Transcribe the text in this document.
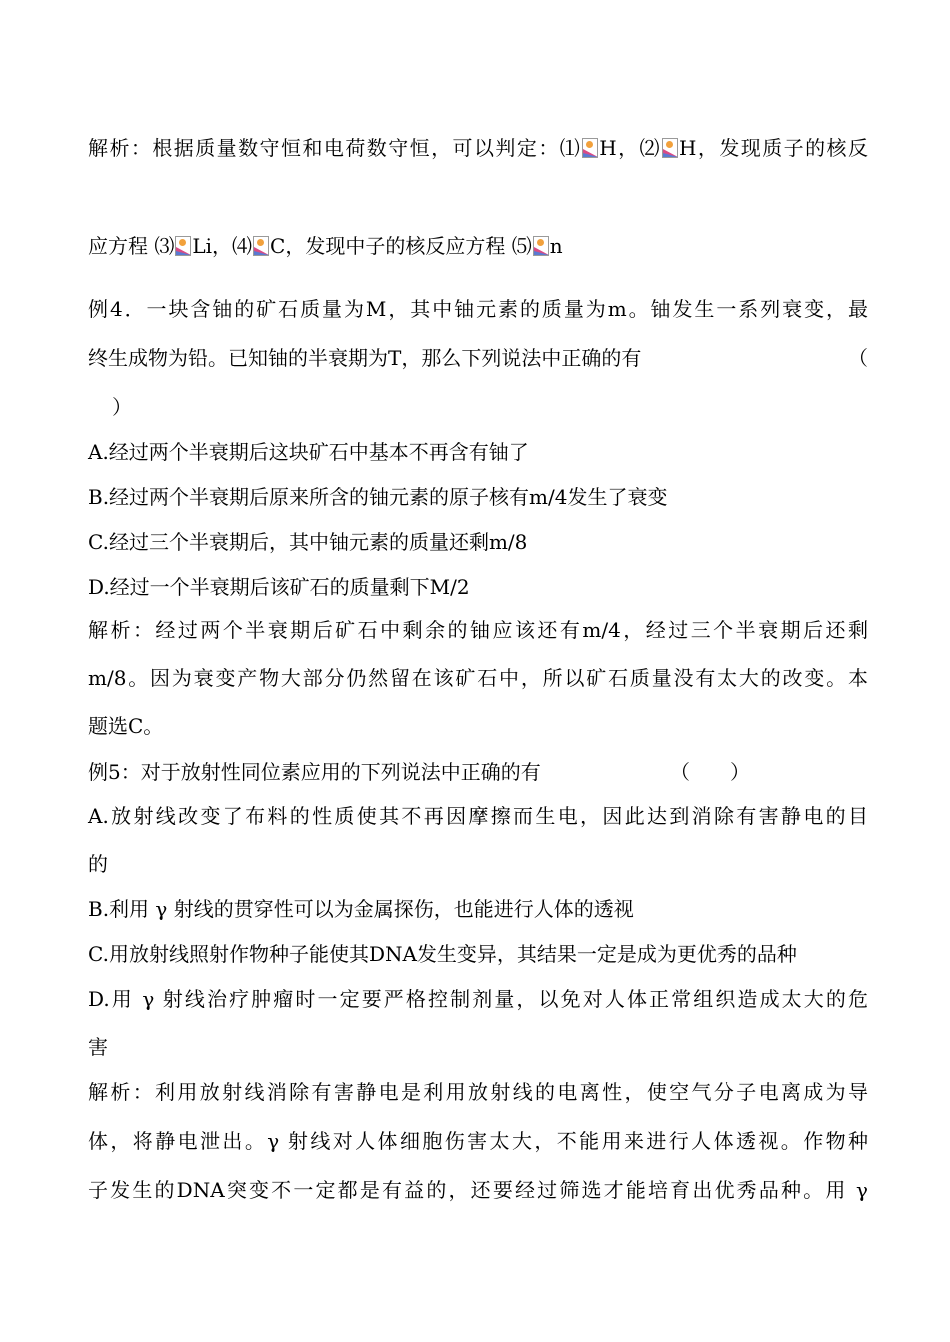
解析：根据质量数守恒和电荷数守恒，可以判定：⑴ H，⑵ H，发现质子的核反
应方程 ⑶ Li，⑷ C，发现中子的核反应方程 ⑸ n
例4．一块含铀的矿石质量为M，其中铀元素的质量为m。铀发生一系列衰变，最
终生成物为铅。已知铀的半衰期为T，那么下列说法中正确的有	（
）
A.经过两个半衰期后这块矿石中基本不再含有铀了
B.经过两个半衰期后原来所含的铀元素的原子核有m/4发生了衰变
C.经过三个半衰期后，其中铀元素的质量还剩m/8
D.经过一个半衰期后该矿石的质量剩下M/2
解析：经过两个半衰期后矿石中剩余的铀应该还有m/4，经过三个半衰期后还剩
m/8。因为衰变产物大部分仍然留在该矿石中，所以矿石质量没有太大的改变。本
题选C。
例5：对于放射性同位素应用的下列说法中正确的有	（　　）
A.放射线改变了布料的性质使其不再因摩擦而生电，因此达到消除有害静电的目
的
B.利用 γ 射线的贯穿性可以为金属探伤，也能进行人体的透视
C.用放射线照射作物种子能使其DNA发生变异，其结果一定是成为更优秀的品种
D.用 γ 射线治疗肿瘤时一定要严格控制剂量，以免对人体正常组织造成太大的危
害
解析：利用放射线消除有害静电是利用放射线的电离性，使空气分子电离成为导
体，将静电泄出。γ 射线对人体细胞伤害太大，不能用来进行人体透视。作物种
子发生的DNA突变不一定都是有益的，还要经过筛选才能培育出优秀品种。用 γ
